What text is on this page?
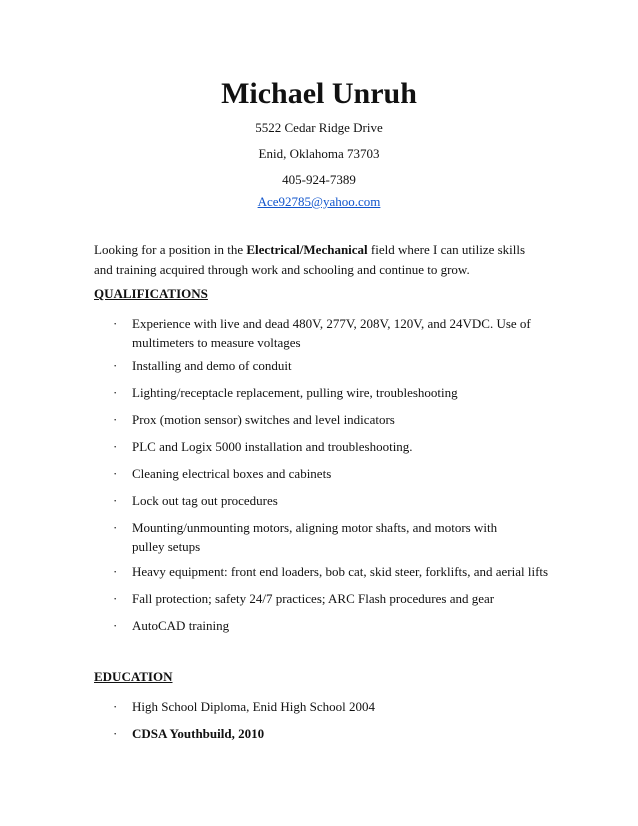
Michael Unruh
5522 Cedar Ridge Drive
Enid, Oklahoma 73703
405-924-7389
Ace92785@yahoo.com
Looking for a position in the Electrical/Mechanical field where I can utilize skills and training acquired through work and schooling and continue to grow.
QUALIFICATIONS
· Experience with live and dead 480V, 277V, 208V, 120V, and 24VDC. Use of multimeters to measure voltages
· Installing and demo of conduit
· Lighting/receptacle replacement, pulling wire, troubleshooting
· Prox (motion sensor) switches and level indicators
· PLC and Logix 5000 installation and troubleshooting.
· Cleaning electrical boxes and cabinets
· Lock out tag out procedures
· Mounting/unmounting motors, aligning motor shafts, and motors with pulley setups
· Heavy equipment: front end loaders, bob cat, skid steer, forklifts, and aerial lifts
· Fall protection; safety 24/7 practices; ARC Flash procedures and gear
· AutoCAD training
EDUCATION
· High School Diploma, Enid High School 2004
· CDSA Youthbuild, 2010
